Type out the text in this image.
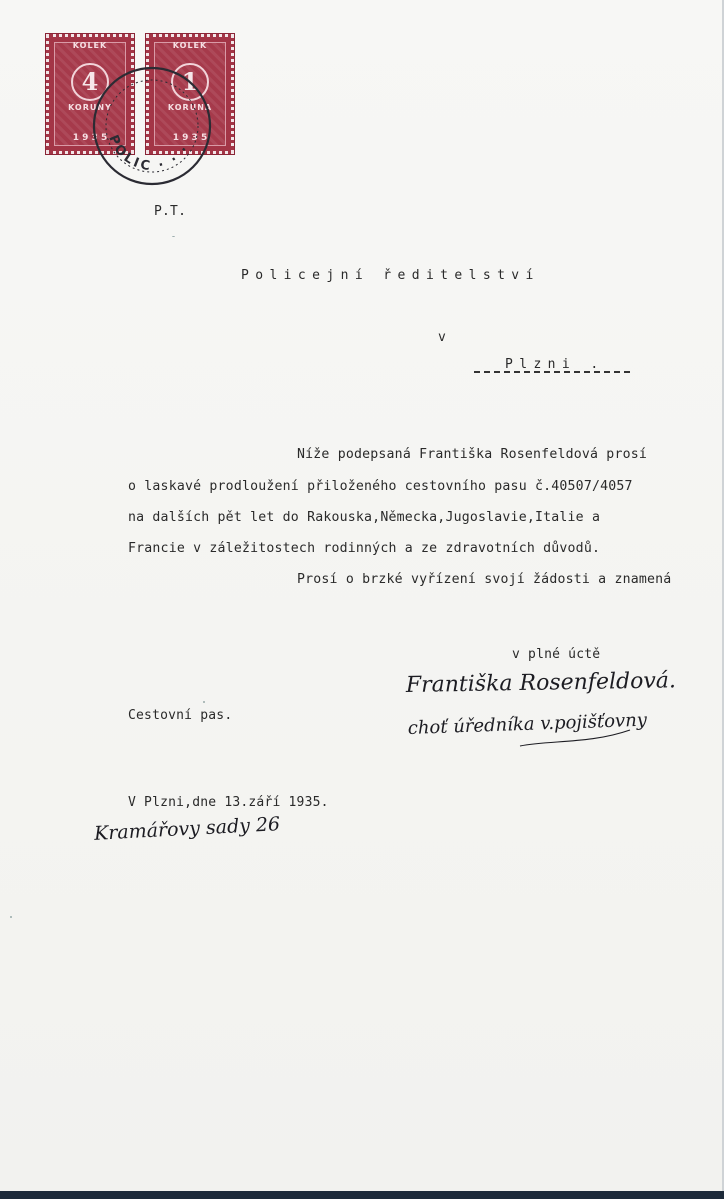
KOLEK
4
KORUNY
1 9 3 5
KOLEK
1
KORUNA
1 9 3 5
POLIC · · ·
P.T.
Policejní ředitelství
v
Plzni .
Níže podepsaná Františka Rosenfeldová prosí
o laskavé prodloužení přiloženého cestovního pasu č.40507/4057
na dalších pět let do Rakouska,Německa,Jugoslavie,Italie a
Francie v záležitostech rodinných a ze zdravotních důvodů.
Prosí o brzké vyřízení svojí žádosti a znamená
v plné úctě
Františka Rosenfeldová.
choť úředníka v.pojišťovny
Cestovní pas.
V Plzni,dne 13.září 1935.
Kramářovy sady 26
